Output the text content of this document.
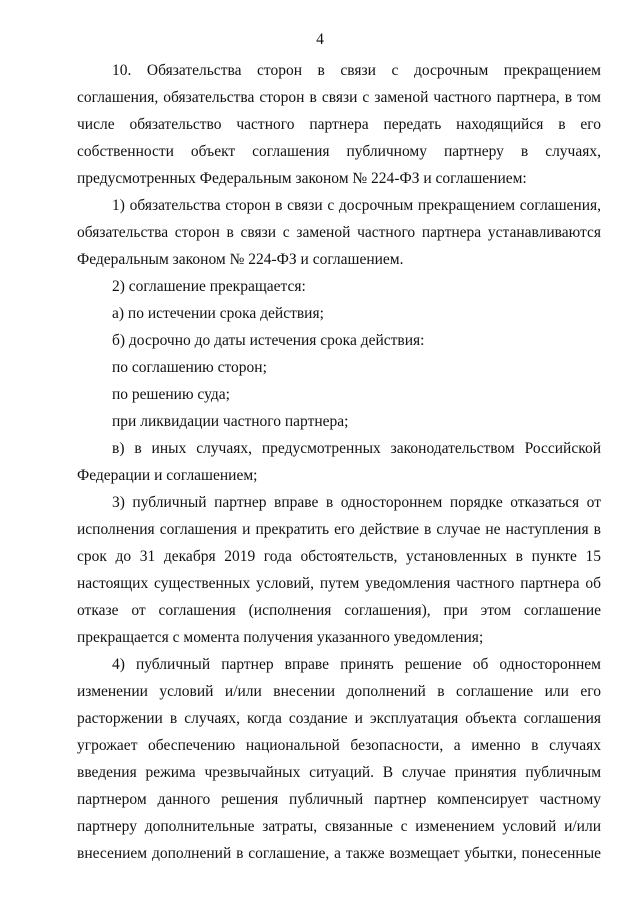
4
10. Обязательства сторон в связи с досрочным прекращением
соглашения, обязательства сторон в связи с заменой частного партнера, в том
числе обязательство частного партнера передать находящийся в его
собственности объект соглашения публичному партнеру в случаях,
предусмотренных Федеральным законом № 224-ФЗ и соглашением:
1) обязательства сторон в связи с досрочным прекращением соглашения,
обязательства сторон в связи с заменой частного партнера устанавливаются
Федеральным законом № 224-ФЗ и соглашением.
2) соглашение прекращается:
а) по истечении срока действия;
б) досрочно до даты истечения срока действия:
по соглашению сторон;
по решению суда;
при ликвидации частного партнера;
в) в иных случаях, предусмотренных законодательством Российской
Федерации и соглашением;
3) публичный партнер вправе в одностороннем порядке отказаться от
исполнения соглашения и прекратить его действие в случае не наступления в
срок до 31 декабря 2019 года обстоятельств, установленных в пункте 15
настоящих существенных условий, путем уведомления частного партнера об
отказе от соглашения (исполнения соглашения), при этом соглашение
прекращается с момента получения указанного уведомления;
4) публичный партнер вправе принять решение об одностороннем
изменении условий и/или внесении дополнений в соглашение или его
расторжении в случаях, когда создание и эксплуатация объекта соглашения
угрожает обеспечению национальной безопасности, а именно в случаях
введения режима чрезвычайных ситуаций. В случае принятия публичным
партнером данного решения публичный партнер компенсирует частному
партнеру дополнительные затраты, связанные с изменением условий и/или
внесением дополнений в соглашение, а также возмещает убытки, понесенные
